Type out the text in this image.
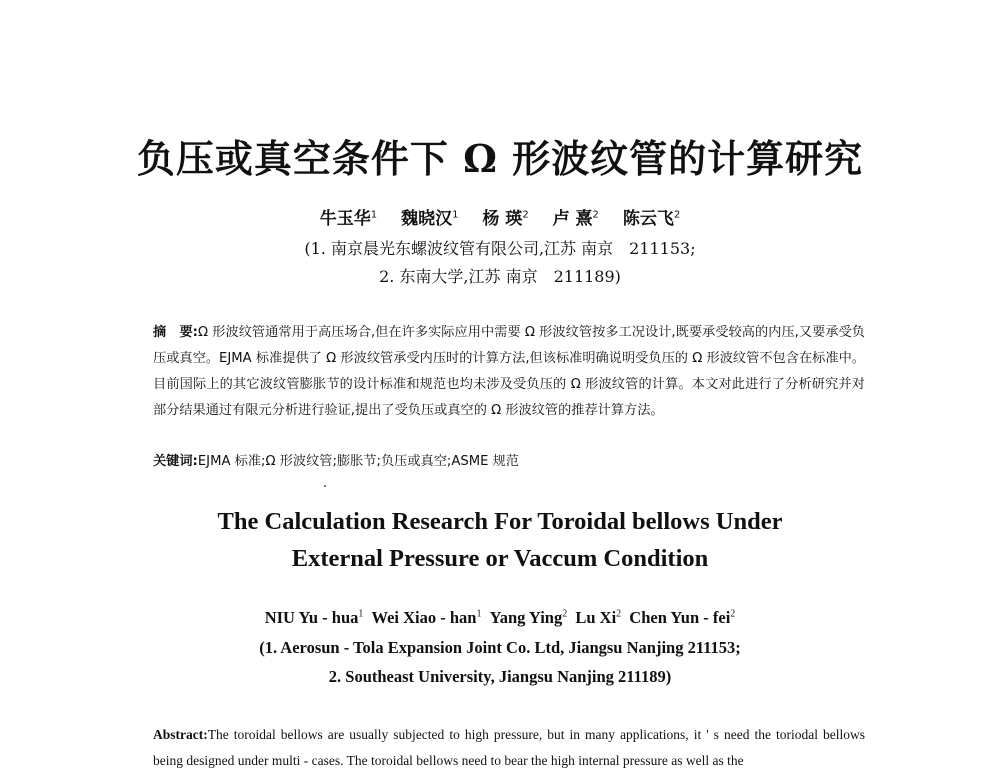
负压或真空条件下 Ω 形波纹管的计算研究
牛玉华$^1$ 魏晓汉$^1$ 杨 瑛$^2$ 卢 熹$^2$ 陈云飞$^2$
(1. 南京晨光东螺波纹管有限公司,江苏 南京　211153;
2. 东南大学,江苏 南京　211189)
摘　要:Ω 形波纹管通常用于高压场合,但在许多实际应用中需要 Ω 形波纹管按多工况设计,既要承受较高的内压,又要承受负压或真空。EJMA 标准提供了 Ω 形波纹管承受内压时的计算方法,但该标准明确说明受负压的 Ω 形波纹管不包含在标准中。目前国际上的其它波纹管膨胀节的设计标准和规范也均未涉及受负压的 Ω 形波纹管的计算。本文对此进行了分析研究并对部分结果通过有限元分析进行验证,提出了受负压或真空的 Ω 形波纹管的推荐计算方法。
关键词:EJMA 标准;Ω 形波纹管;膨胀节;负压或真空;ASME 规范
The Calculation Research For Toroidal bellows Under
External Pressure or Vaccum Condition
NIU Yu - hua$^1$ Wei Xiao - han$^1$ Yang Ying$^2$ Lu Xi$^2$ Chen Yun - fei$^2$
(1. Aerosun - Tola Expansion Joint Co. Ltd, Jiangsu Nanjing 211153;
2. Southeast University, Jiangsu Nanjing 211189)
Abstract:The toroidal bellows are usually subjected to high pressure, but in many applications, it ' s need the toriodal bellows being designed under multi - cases. The toroidal bellows need to bear the high internal pressure as well as the
